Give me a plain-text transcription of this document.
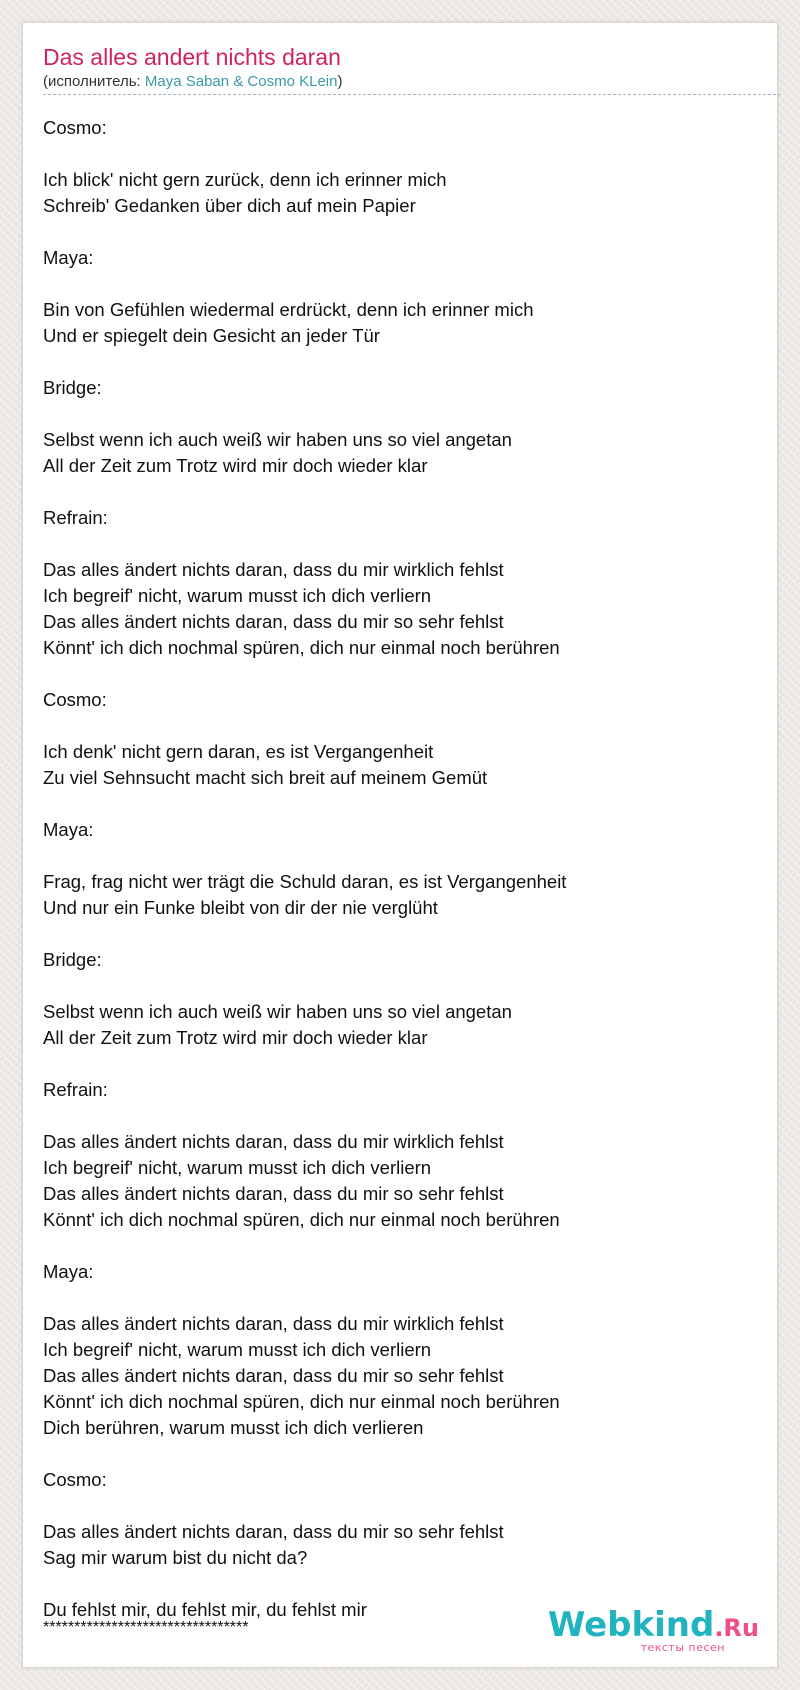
Das alles andert nichts daran
(исполнитель: Maya Saban & Cosmo KLein)
Cosmo:
Ich blick' nicht gern zurück, denn ich erinner mich
Schreib' Gedanken über dich auf mein Papier
Maya:
Bin von Gefühlen wiedermal erdrückt, denn ich erinner mich
Und er spiegelt dein Gesicht an jeder Tür
Bridge:
Selbst wenn ich auch weiß wir haben uns so viel angetan
All der Zeit zum Trotz wird mir doch wieder klar
Refrain:
Das alles ändert nichts daran, dass du mir wirklich fehlst
Ich begreif' nicht, warum musst ich dich verliern
Das alles ändert nichts daran, dass du mir so sehr fehlst
Könnt' ich dich nochmal spüren, dich nur einmal noch berühren
Cosmo:
Ich denk' nicht gern daran, es ist Vergangenheit
Zu viel Sehnsucht macht sich breit auf meinem Gemüt
Maya:
Frag, frag nicht wer trägt die Schuld daran, es ist Vergangenheit
Und nur ein Funke bleibt von dir der nie verglüht
Bridge:
Selbst wenn ich auch weiß wir haben uns so viel angetan
All der Zeit zum Trotz wird mir doch wieder klar
Refrain:
Das alles ändert nichts daran, dass du mir wirklich fehlst
Ich begreif' nicht, warum musst ich dich verliern
Das alles ändert nichts daran, dass du mir so sehr fehlst
Könnt' ich dich nochmal spüren, dich nur einmal noch berühren
Maya:
Das alles ändert nichts daran, dass du mir wirklich fehlst
Ich begreif' nicht, warum musst ich dich verliern
Das alles ändert nichts daran, dass du mir so sehr fehlst
Könnt' ich dich nochmal spüren, dich nur einmal noch berühren
Dich berühren, warum musst ich dich verlieren
Cosmo:
Das alles ändert nichts daran, dass du mir so sehr fehlst
Sag mir warum bist du nicht da?
Du fehlst mir, du fehlst mir, du fehlst mir
*********************************	Webkind.Ru
тексты песен
